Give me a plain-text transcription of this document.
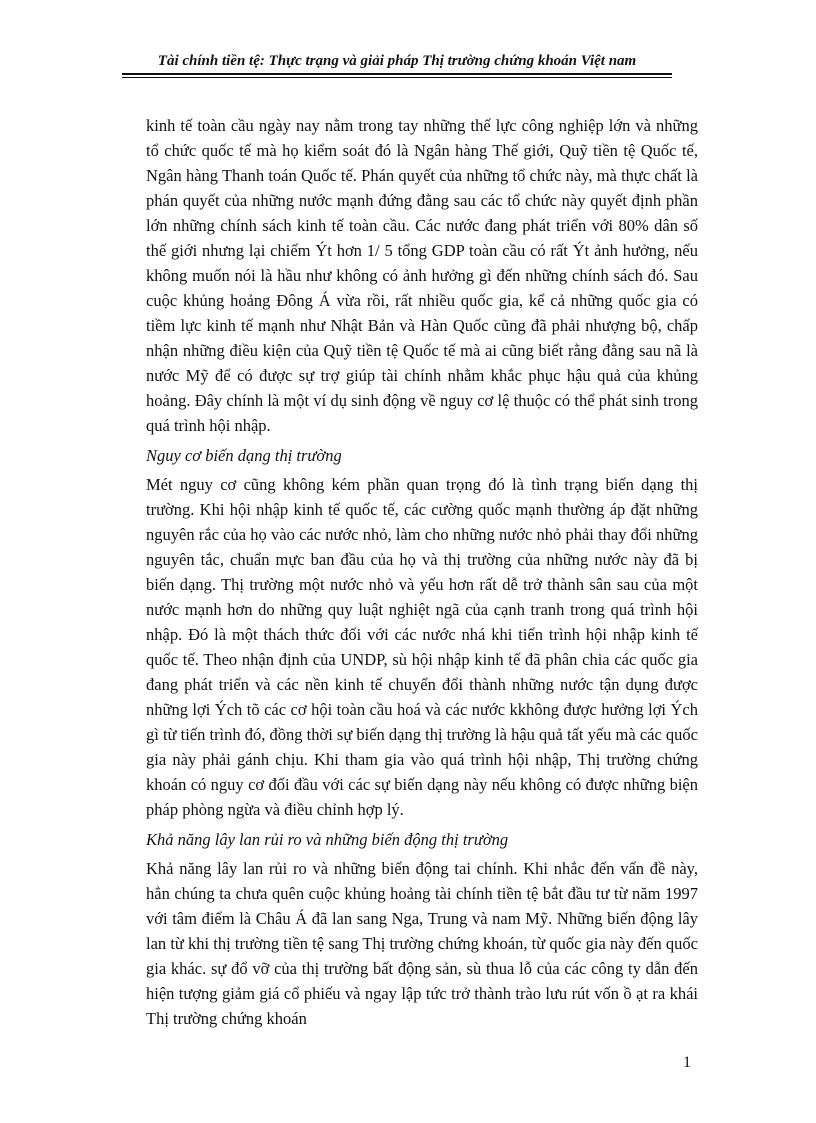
Tài chính tiền tệ: Thực trạng và giải pháp Thị trường chứng khoán Việt nam

kinh tế toàn cầu ngày nay nằm trong tay những thế lực công nghiệp lớn và những tổ chức quốc tế mà họ kiểm soát đó là Ngân hàng Thế giới, Quỹ tiền tệ Quốc tế, Ngân hàng Thanh toán Quốc tế. Phán quyết của những tổ chức này, mà thực chất là phán quyết của những nước mạnh đứng đằng sau các tổ chức này quyết định phần lớn những chính sách kinh tế toàn cầu. Các nước đang phát triển với 80% dân số thế giới nhưng lại chiếm Ýt hơn 1/ 5 tổng GDP toàn cầu có rất Ýt ảnh hưởng, nếu không muốn nói là hầu như không có ảnh hưởng gì đến những chính sách đó. Sau cuộc khủng hoảng Đông Á vừa rồi, rất nhiều quốc gia, kể cả những quốc gia có tiềm lực kinh tế mạnh như Nhật Bản và Hàn Quốc cũng đã phải nhượng bộ, chấp nhận những điều kiện của Quỹ tiền tệ Quốc tế mà ai cũng biết rằng đằng sau nã là nước Mỹ để có được sự trợ giúp tài chính nhằm khắc phục hậu quả của khủng hoảng. Đây chính là một ví dụ sinh động về nguy cơ lệ thuộc có thể phát sinh trong quá trình hội nhập.

Nguy cơ biến dạng thị trường

Mét nguy cơ cũng không kém phần quan trọng đó là tình trạng biến dạng thị trường. Khi hội nhập kinh tế quốc tế, các cường quốc mạnh thường áp đặt những nguyên rắc của họ vào các nước nhỏ, làm cho những nước nhỏ phải thay đổi những nguyên tắc, chuẩn mực ban đầu của họ và thị trường của những nước này đã bị biến dạng. Thị trường một nước nhỏ và yếu hơn rất dễ trở thành sân sau của một nước mạnh hơn do những quy luật nghiệt ngã của cạnh tranh trong quá trình hội nhập. Đó là một thách thức đối với các nước nhá khi tiến trình hội nhập kinh tế quốc tế. Theo nhận định của UNDP, sù hội nhập kinh tế đã phân chia các quốc gia đang phát triển và các nền kinh tế chuyển đổi thành những nước tận dụng được những lợi Ých tõ các cơ hội toàn cầu hoá và các nước kkhông được hưởng lợi Ých gì từ tiến trình đó, đồng thời sự biến dạng thị trường là hậu quả tất yếu mà các quốc gia này phải gánh chịu. Khi tham gia vào quá trình hội nhập, Thị trường chứng khoán có nguy cơ đối đầu với các sự biến dạng này nếu không có được những biện pháp phòng ngừa và điều chỉnh hợp lý.

Khả năng lây lan rủi ro và những biến động thị trường

Khả năng lây lan rủi ro và những biến động tai chính. Khi nhắc đến vấn đề này, hẳn chúng ta chưa quên cuộc khủng hoảng tài chính tiền tệ bắt đầu tư từ năm 1997 với tâm điểm là Châu Á đã lan sang Nga, Trung và nam Mỹ. Những biến động lây lan từ khi thị trường tiền tệ sang Thị trường chứng khoán, từ quốc gia này đến quốc gia khác. sự đổ vỡ của thị trường bất động sản, sù thua lỗ của các công ty dẫn đến hiện tượng giảm giá cổ phiếu và ngay lập tức trở thành trào lưu rút vốn ồ ạt ra khái Thị trường chứng khoán

1
